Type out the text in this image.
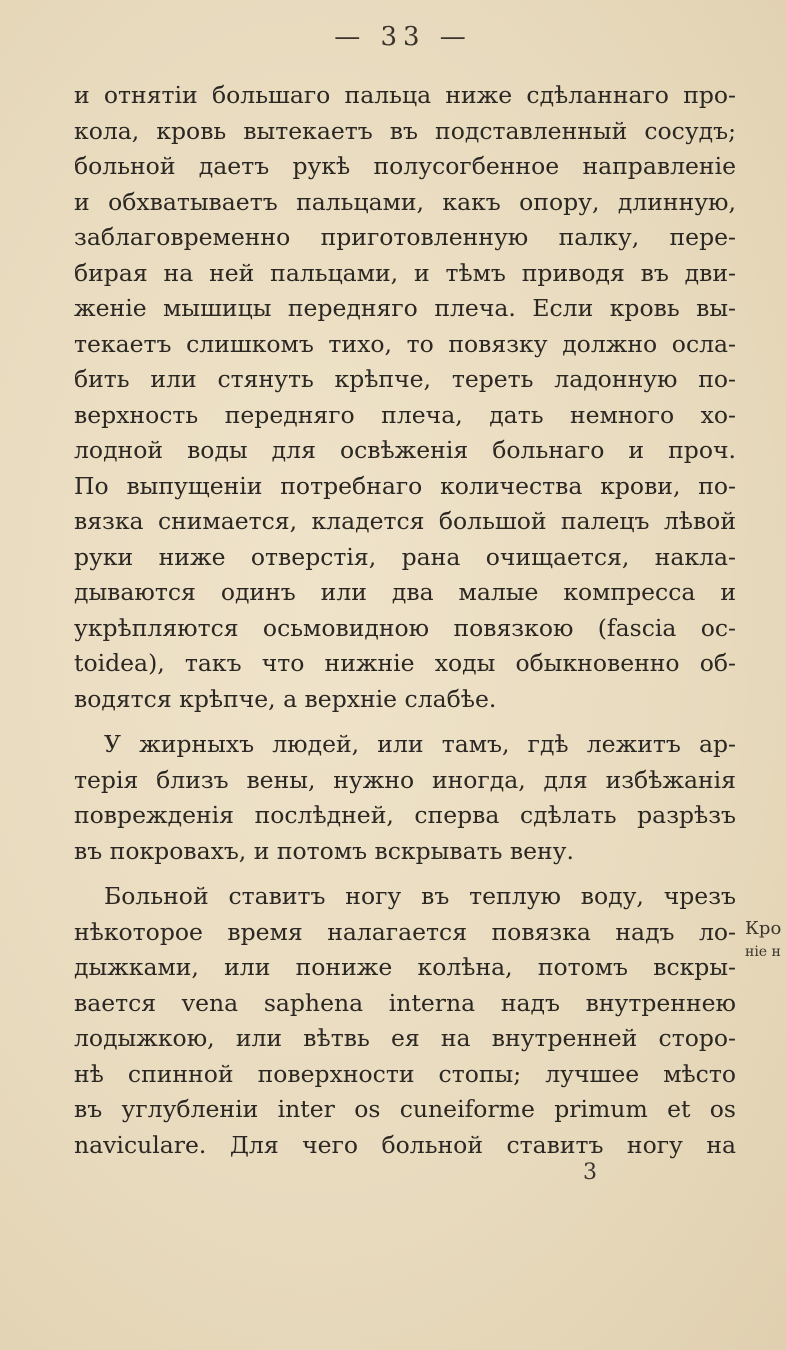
— 33 —
и отнятіи большаго пальца ниже сдѣланнаго про-
кола, кровь вытекаетъ въ подставленный сосудъ;
больной даетъ рукѣ полусогбенное направленіе
и обхватываетъ пальцами, какъ опору, длинную,
заблаговременно приготовленную палку, пере-
бирая на ней пальцами, и тѣмъ приводя въ дви-
женіе мышицы передняго плеча. Если кровь вы-
текаетъ слишкомъ тихо, то повязку должно осла-
бить или стянуть крѣпче, тереть ладонную по-
верхность передняго плеча, дать немного хо-
лодной воды для освѣженія больнаго и проч.
По выпущеніи потребнаго количества крови, по-
вязка снимается, кладется большой палецъ лѣвой
руки ниже отверстія, рана очищается, накла-
дываются одинъ или два малые компресса и
укрѣпляются осьмовидною повязкою (fascia oc-
toidea), такъ что нижніе ходы обыкновенно об-
водятся крѣпче, а верхніе слабѣе.
У жирныхъ людей, или тамъ, гдѣ лежитъ ар-
терія близъ вены, нужно иногда, для избѣжанія
поврежденія послѣдней, сперва сдѣлать разрѣзъ
въ покровахъ, и потомъ вскрывать вену.
Больной ставитъ ногу въ теплую воду, чрезъ
нѣкоторое время налагается повязка надъ ло-
дыжками, или пониже колѣна, потомъ вскры-
вается vena saphena interna надъ внутреннею
лодыжкою, или вѣтвь ея на внутренней сторо-
нѣ спинной поверхности стопы; лучшее мѣсто
въ углубленіи inter os cuneiforme primum et os
naviculare. Для чего больной ставитъ ногу на
Кро
ніе н
3
